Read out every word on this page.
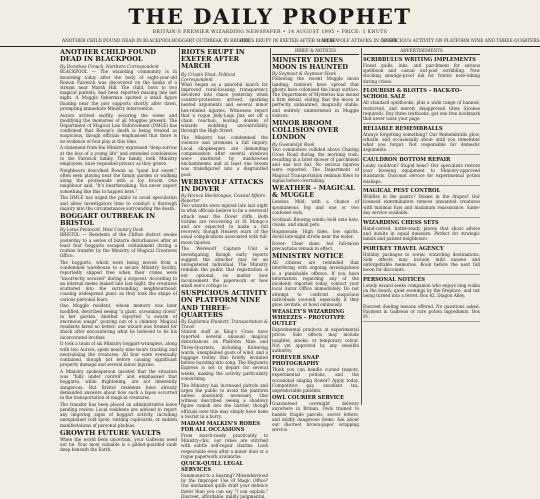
THE DAILY PROPHET
BRITAIN'S PREMIER WIZARDING NEWSPAPER • 14 AUGUST 1995 • PRICE: 1 KNUTS
ANOTHER CHILD FOUND DEAD IN BLACKPOOL BOGGART OUTBREAK IN BRISTOL
RIOTS ERUPT IN EXETER AFTER MARCH
WEREWOLF ATTACKS IN DOVER
SUSPICIOUS ACTIVITY ON PLATFORM NINE AND THREE-QUARTERS
ANOTHER CHILD FOUND DEAD IN BLACKPOOL
By Dorothea Crouch, Northern Correspondent

BLACKPOOL — The wizarding community is in mourning today after the body of eight-year-old Rowan Fairwick was discovered on the banks of a stream near Marsh Hill. The child, born to two magical parents, had been reported missing late last night. A Muggle fisherman spotted a small figure floating near the pier supports shortly after dawn, prompting immediate Ministry intervention.

Aurors arrived swiftly, securing the scene and modifying the memories of all Muggles present. The Department of Magical Law Enforcement (DMLE) has confirmed that Rowan's death is being treated as suspicious, though officials emphasised that there is no evidence of foul play at this time.

A statement from the Ministry expressed "deep sorrow at the loss of a young life" and extended condolences to the Fairwick family. The family, both Ministry employees, have requested privacy as they grieve.

Neighbours described Rowan as "quiet but sweet," often seen playing near the family garden or walking along the promenade with a toy broom. One neighbour said, "It's heartbreaking. You never expect something like this to happen here."

The DMLE has urged the public to avoid speculation and allow investigators time to conduct a thorough inquiry into the circumstances surrounding the death.

BOGGART OUTBREAK IN BRISTOL
By Lotus Pennicott, West Country Desk

BRISTOL — Residents of the Clifton district awoke yesterday to a series of bizarre disturbances after at least four boggarts escaped containment during a routine transfer by the Ministry of Magical Creatures Office.

The boggarts, which were being moved from a condemned warehouse to a secure Ministry facility, reportedly slipped free when their crates were "incorrectly secured" during a stopover. According to an internal memo leaked late last night, the creatures scattered into the surrounding neighbourhood, causing widespread panic as they took the shape of various personal fears.

One Muggle resident, whose memory was later modified, described seeing "a giant, screaming clown" in her garden. Another reported "a swarm of enormous wasps" pouring out of a chimney. Magical residents fared no better: one wizard was treated for shock after encountering what he believed to be his incarcerated brother.

It took a team of six Ministry boggart-wranglers, along with two Aurors, spent nearly nine hours tracking and neutralising the creatures. All four were eventually contained, though not before causing significant property damage and several minor injuries.

A Ministry spokesperson insisted that the situation was "fully under control" and emphasised that boggarts, while frightening, are not inherently dangerous. But Bristol residents have already demanded answers about how such a lapse occurred in the transportation of magical creatures.

The transfer has been placed on administrative leave pending review. Local residents are advised to report any lingering signs of boggart activity, including unexplained cold spots, rattling cupboards, or sudden manifestations of personal phobias.

GROWTH FUTURE VAULTS

When the world feels uncertain, your Galleons need not be. Your most valuable is a gilded-guarded vault deep beneath the Earth.

RIOTS ERUPT IN EXETER AFTER MARCH
By Crispin Flout, Political Correspondent

What began as a peaceful march for improved rural-housing transparency devolved into chaos yesterday when counter-protestors arrived, sparking heated arguments and several minor hex-related injuries. Witnesses report that a rogue Jelly-Legs Jinx set off a chain reaction, leaving dozens of wizards wobbling uncontrollably through the High Street.

The Ministry has condemned the violence and promises a full inquiry. Local shopkeepers are demanding compensation after several windows were shattered by misdirected enchantments and at least one broom was transfigured into a disgruntled goat.

WEREWOLF ATTACKS IN DOVER
By Horace Blacktongue, Coastal Affairs Reporter

Two wizards were injured late last night in what officials believe to be a werewolf attack near the Dover cliffs. Both victims are recovering at St Mungo's and are expected to make a full recovery, though Healers warn of the usual complications associated with full-moon injuries.

The Werewolf Capture Unit is investigating, though early reports suggest the attacker may be an unregistered individual. The Ministry reminds the public that registration is not optional, no matter how inconvenient the paperwork or how small one's cottage is.

SUSPICIOUS ACTIVITY ON PLATFORM NINE AND THREE-QUARTERS
By Euphemia Plunkett, Transportation & Travel

Station staff at King's Cross have reported several unusual magical disturbances on Platform Nine and Three-Quarters, including flickering wards, unexplained gusts of wind, and a luggage trolley that briefly levitated before bursting into song. The Hogwarts Express is set to depart for several weeks, making the activity particularly concerning.

The Ministry has increased patrols and urges the public to avoid the platform unless absolutely necessary. One witness described seeing a shadowy figure vanish into the barrier, though officials note this may simply have been a tourist in a hurry.

MADAM MALKIN'S ROBES FOR ALL OCCASIONS

From starch-ready practicality to Ministry-chic, our robes are stitched with subtle self-repair charms. Look respectable even after a minor duel or a rogue paperwork avalanche.

QUICK-QUILL LEGAL SERVICES

Summoned to a hearing? Misunderstood by the Improper Use of Magic Office? Our enchanted quills draft your defence faster than you can say "I can explain." Discreet, affordable, mildly judgmental.

BRIEF & NOTICES
MINISTRY DENIES MOON IS HAUNTED
By Seymour & Seymour Sleek

Following the recent Muggle moon landing, rumours have spread that ghosts have colonised the lunar surface. The Department of Mysteries has issued a firm denial, stating that the moon is perfectly unhaunted, magically stable, and entirely uninterested in Muggle visitors.

MINOR BROOM COLLISION OVER LONDON
By Gwendolyn Rook

Two commuters collided above Charing Cross Road during the morning rush, resulting in a brief shower of parchment and one lost hat. No serious injuries were reported. The Department of Magical Transportation reminds fliers to signal before overtaking.

WEATHER – MAGICAL & MUGGLE

London: Mild, with a chance of spontaneous fog and one or two confused owls.

Scotland: Blowing winds; hold onto hats, cloaks, and small pets.

Hogsmeade: High tides, low spirits. Avoid late-night strolls near the water.

Dover: Clear skies, but full-moon precautions remain in effect.

MINISTRY NOTICE

All citizens are reminded that interfering with ongoing investigations is a punishable offence. If you have information regarding any of the incidents reported today, contact your local Auror Office immediately. Do not attempt to confront suspicious individuals yourself, especially if they glow, levitate, or howl ominously.

WEASLEY'S WIZARDING WHEEZES – PROTOTYPE OUTLET

Experimental products at experimental prices. Side effects may include laughter, smoke, or temporary colour. Not yet approved by any sensible authority.

FOREVER SNAP PHOTOGRAPHY

Think you can handle cursed teapots, experimental potions, and the occasional singing flower? Apply today. Competitive pay, excellent tea, unpredictable patients.

OWL COURIER SERVICE

Guaranteed overnight delivery anywhere in Britain. Owls trained to handle fragile parcels, secret letters, and mildly dangerous items. Ask about our discreet brown-paper wrapping service.

ADVERTISEMENTS
SCRIBBULUS WRITING IMPLEMENTS

Finest quills, inks, and parchment for serious spellbook and casual owl-post scribbling. Now stocking smudge-proof ink for frantic note-taking during crises.

FLOURISH & BLOTTS – BACK-TO-SCHOOL SALE

All standard spellbooks, plus a wide range of banned, restricted, and merely disapproved titles (license required). Buy three textbooks, get one free bookmark that never loses your page.

RELIABLE REMEMBRALLS

Always forgetting something? Our Remembralls glow, whistle, and occasionally shout until you remember what you forgot. Not responsible for domestic arguments.

CAULDRON BOTTOM REPAIR

Leaky cauldron? Stupid hens? Our specialists restore your brewing equipment to Ministry-approved standards. Discount service for experimental potion mishaps.

MAGICAL PEST CONTROL

Wildfire in the pantry? Doxies in the drapes? Our licensed exterminators remove unwanted creatures with minimal fuss and maximum reassurance. Same-day service available.

WIZARDING CHESS SETS

Hand-carved, battle-ready pieces that shout advice and insults in equal measure. Perfect for strategic minds and patient neighbours.

PORTKEY TRAVEL AGENCY

Holiday packages to scenic wizarding destinations. Side effects may include mild nausea and unforgettable memories. Book before the next full moon for discounts.

PERSONAL NOTICES

Lonely wizard seeks companion who enjoys long walks on the beach, quiet evenings by the fireplace, and not being turned into a ferret. Box 42, Diagon Alley.

Discreet dueling lessons offered. No questions asked. Payment in Galleons or rare potion ingredients. Box 91.
